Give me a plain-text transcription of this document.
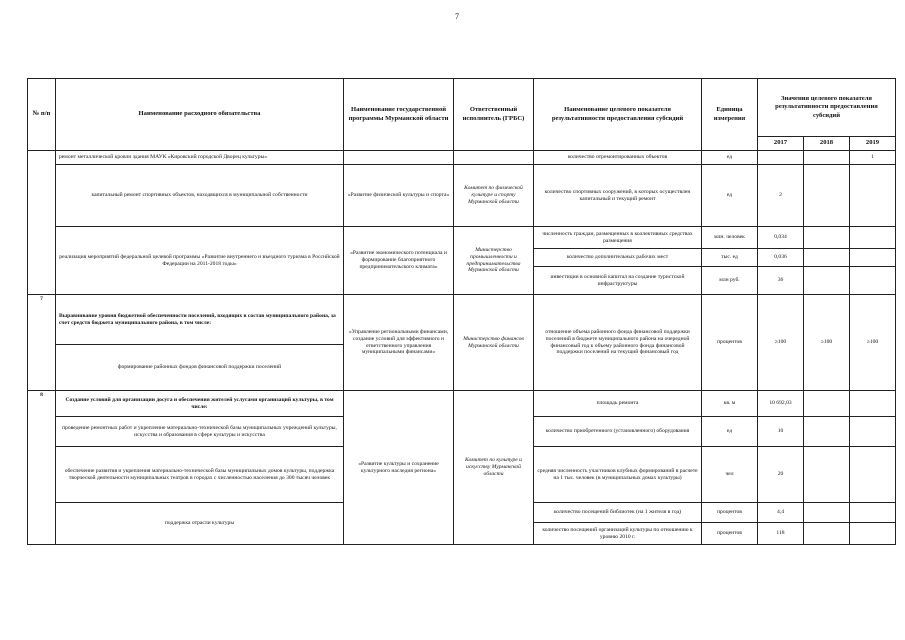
7
№ п/п	Наименование расходного обязательства	Наименование государственной программы Мурманской области	Ответственный исполнитель (ГРБС)	Наименование целевого показателя результативности предоставления субсидий	Единица измерения	Значения целевого показателя результативности предоставления субсидий		
						2017	2018	2019
	ремонт металлической кровли здания МАУК «Кировский городской Дворец культуры»			количество отремонтированных объектов	ед			1
	капитальный ремонт спортивных объектов, находящихся в муниципальной собственности	«Развитие физической культуры и спорта»	Комитет по физической культуре и спорту Мурманской области	количество спортивных сооружений, в которых осуществлен капитальный и текущий ремонт	ед	2		
	реализация мероприятий федеральной целевой программы «Развитие внутреннего и въездного туризма в Российской Федерации на 2011-2018 годы»	«Развитие экономического потенциала и формирование благоприятного предпринимательского климата»	Министерство промышленности и предпринимательства Мурманской области	численность граждан, размещенных в коллективных средствах размещения	млн. человек	0,034		
				количество дополнительных рабочих мест	тыс. ед	0,036		
				инвестиции в основной капитал на создание туристской инфраструктуры	млн руб.	36		
7	Выравнивание уровня бюджетной обеспеченности поселений, входящих в состав муниципального района, за счет средств бюджета муниципального района, в том числе:	«Управление региональными финансами, создание условий для эффективного и ответственного управления муниципальными финансами»	Министерство финансов Мурманской области	отношение объема районного фонда финансовой поддержки поселений в бюджете муниципального района на очередной финансовый год к объему районного фонда финансовой поддержки поселений на текущий финансовый год	процентов	≥100	≥100	≥100
	формирование районных фондов финансовой поддержки поселений							
8	Создание условий для организации досуга и обеспечения жителей услугами организаций культуры, в том числе:	«Развитие культуры и сохранение культурного наследия региона»	Комитет по культуре и искусству Мурманской области	площадь ремонта	кв. м	10 692,03		
	проведение ремонтных работ и укрепление материально-технической базы муниципальных учреждений культуры, искусства и образования в сфере культуры и искусства			количество приобретенного (установленного) оборудования	ед	10		
	обеспечение развития и укрепления материально-технической базы муниципальных домов культуры, поддержка творческой деятельности муниципальных театров в городах с численностью населения до 300 тысяч человек			средняя численность участников клубных формирований в расчете на 1 тыс. человек (в муниципальных домах культуры)	чел	20		
	поддержка отрасли культуры			количество посещений библиотек (на 1 жителя в год)	процентов	4,4		
				количество посещений организаций культуры по отношению к уровню 2010 г.	процентов	118		
